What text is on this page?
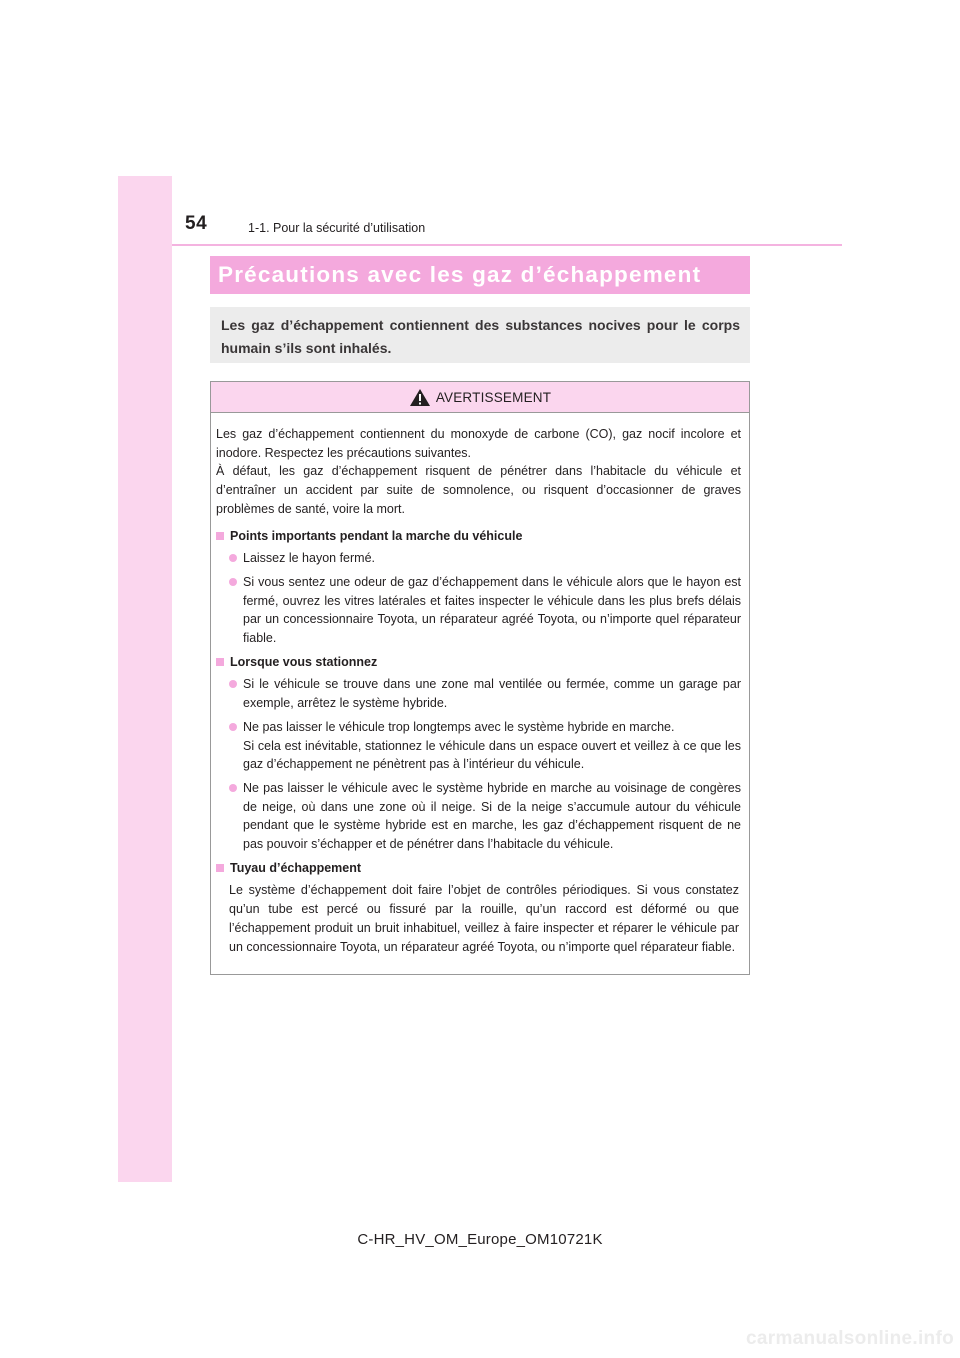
54	1-1. Pour la sécurité d’utilisation
Précautions avec les gaz d’échappement

Les gaz d’échappement contiennent des substances nocives pour le corps humain s’ils sont inhalés.

AVERTISSEMENT

Les gaz d’échappement contiennent du monoxyde de carbone (CO), gaz nocif incolore et inodore. Respectez les précautions suivantes.

À défaut, les gaz d’échappement risquent de pénétrer dans l’habitacle du véhicule et d’entraîner un accident par suite de somnolence, ou risquent d’occasionner de graves problèmes de santé, voire la mort.

Points importants pendant la marche du véhicule

Laissez le hayon fermé.

Si vous sentez une odeur de gaz d’échappement dans le véhicule alors que le hayon est fermé, ouvrez les vitres latérales et faites inspecter le véhicule dans les plus brefs délais par un concessionnaire Toyota, un réparateur agréé Toyota, ou n’importe quel réparateur fiable.

Lorsque vous stationnez

Si le véhicule se trouve dans une zone mal ventilée ou fermée, comme un garage par exemple, arrêtez le système hybride.

Ne pas laisser le véhicule trop longtemps avec le système hybride en marche.

Si cela est inévitable, stationnez le véhicule dans un espace ouvert et veillez à ce que les gaz d’échappement ne pénètrent pas à l’intérieur du véhicule.

Ne pas laisser le véhicule avec le système hybride en marche au voisinage de congères de neige, où dans une zone où il neige. Si de la neige s’accumule autour du véhicule pendant que le système hybride est en marche, les gaz d’échappement risquent de ne pas pouvoir s’échapper et de pénétrer dans l’habitacle du véhicule.

Tuyau d’échappement

Le système d’échappement doit faire l’objet de contrôles périodiques. Si vous constatez qu’un tube est percé ou fissuré par la rouille, qu’un raccord est déformé ou que l’échappement produit un bruit inhabituel, veillez à faire inspecter et réparer le véhicule par un concessionnaire Toyota, un réparateur agréé Toyota, ou n’importe quel réparateur fiable.

C-HR_HV_OM_Europe_OM10721K
carmanualsonline.info
